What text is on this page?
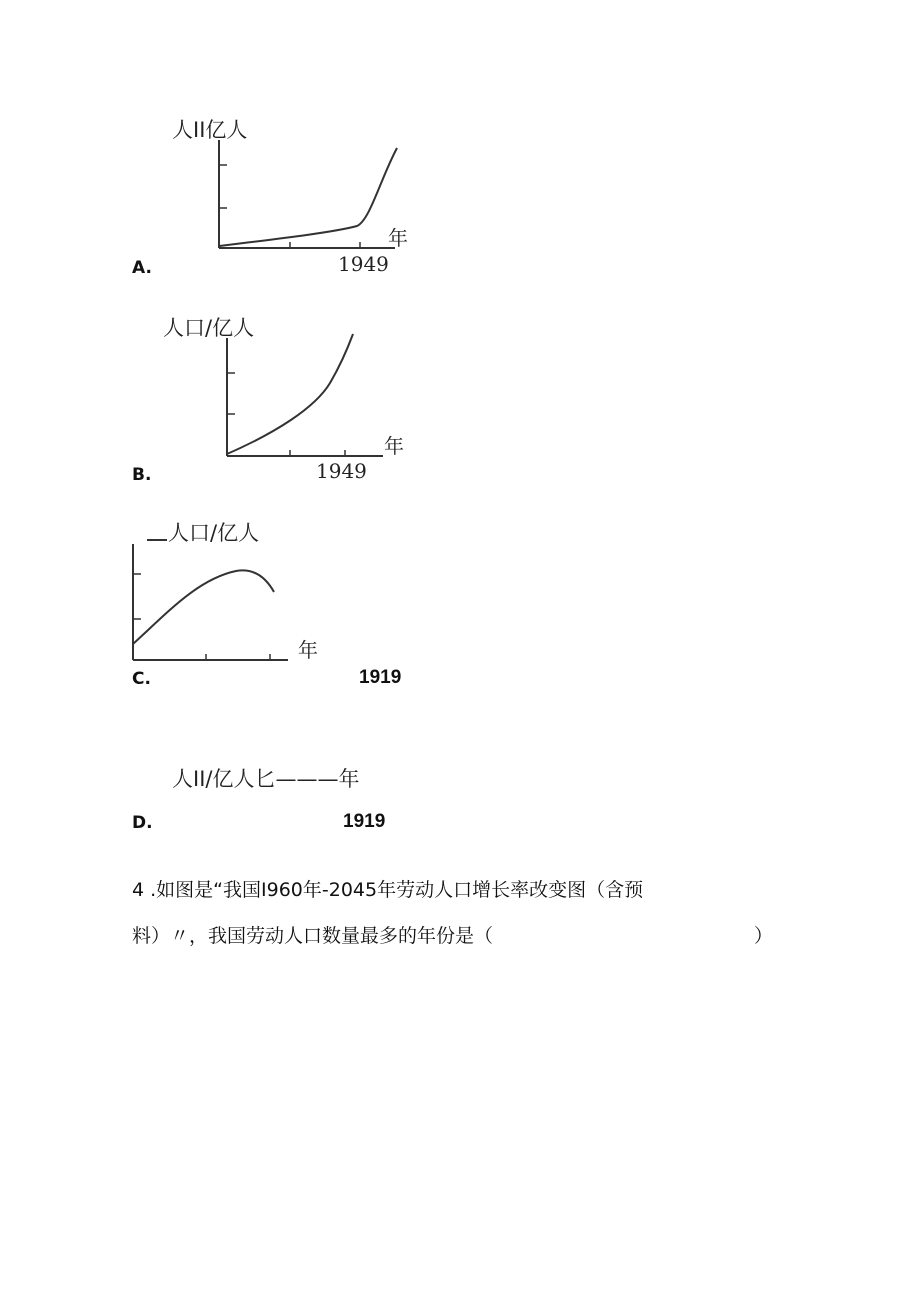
人II亿人
年
1949
A.
人口/亿人
年
1949
B.
人口/亿人
年
C.	1919
人II/亿人匕———年
D.	1919
4 .如图是“我国I960年-2045年劳动人口增长率改变图（含预
料）〃，我国劳动人口数量最多的年份是（	）
